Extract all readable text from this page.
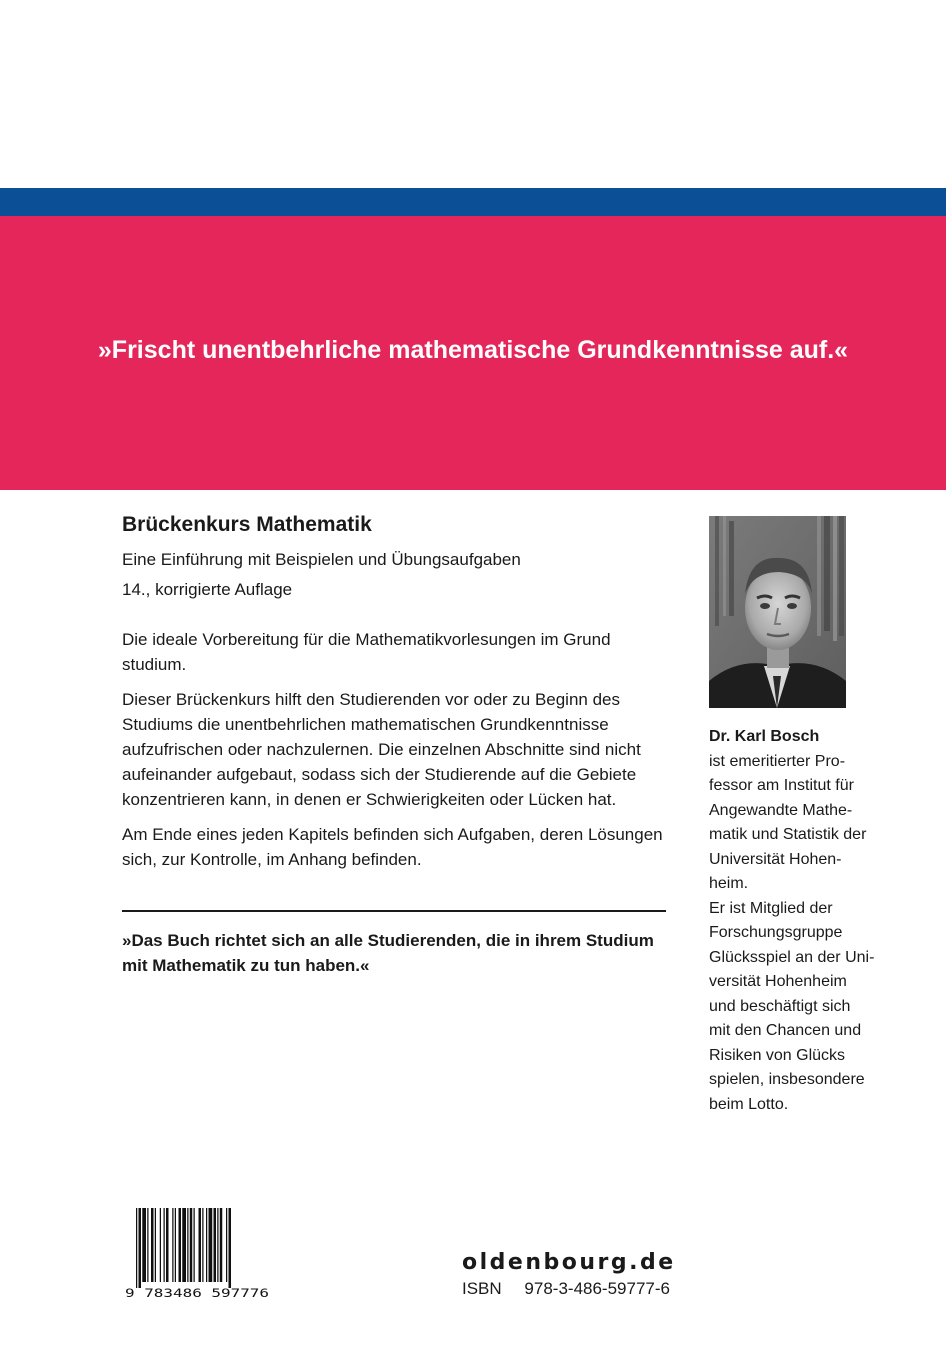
»Frischt unentbehrliche mathematische Grundkenntnisse auf.«
Brückenkurs Mathematik
Eine Einführung mit Beispielen und Übungsaufgaben
14., korrigierte Auflage
Die ideale Vorbereitung für die Mathematikvorlesungen im Grund studium.
Dieser Brückenkurs hilft den Studierenden vor oder zu Beginn des Studiums die unentbehrlichen mathematischen Grundkenntnisse aufzufrischen oder nachzulernen. Die einzelnen Abschnitte sind nicht aufeinander aufgebaut, sodass sich der Studierende auf die Gebiete konzentrieren kann, in denen er Schwierigkeiten oder Lücken hat.
Am Ende eines jeden Kapitels befinden sich Aufgaben, deren Lösungen sich, zur Kontrolle, im Anhang befinden.
»Das Buch richtet sich an alle Studierenden, die in ihrem Studium mit Mathematik zu tun haben.«
Dr. Karl Bosch
ist emeritierter Pro-
fessor am Institut für
Angewandte Mathe-
matik und Statistik der
Universität Hohen-
heim.
Er ist Mitglied der
Forschungsgruppe
Glücksspiel an der Uni-
versität Hohenheim
und beschäftigt sich
mit den Chancen und
Risiken von Glücks
spielen, insbesondere
beim Lotto.
9 783486 597776
oldenbourg.de
ISBN 978-3-486-59777-6
